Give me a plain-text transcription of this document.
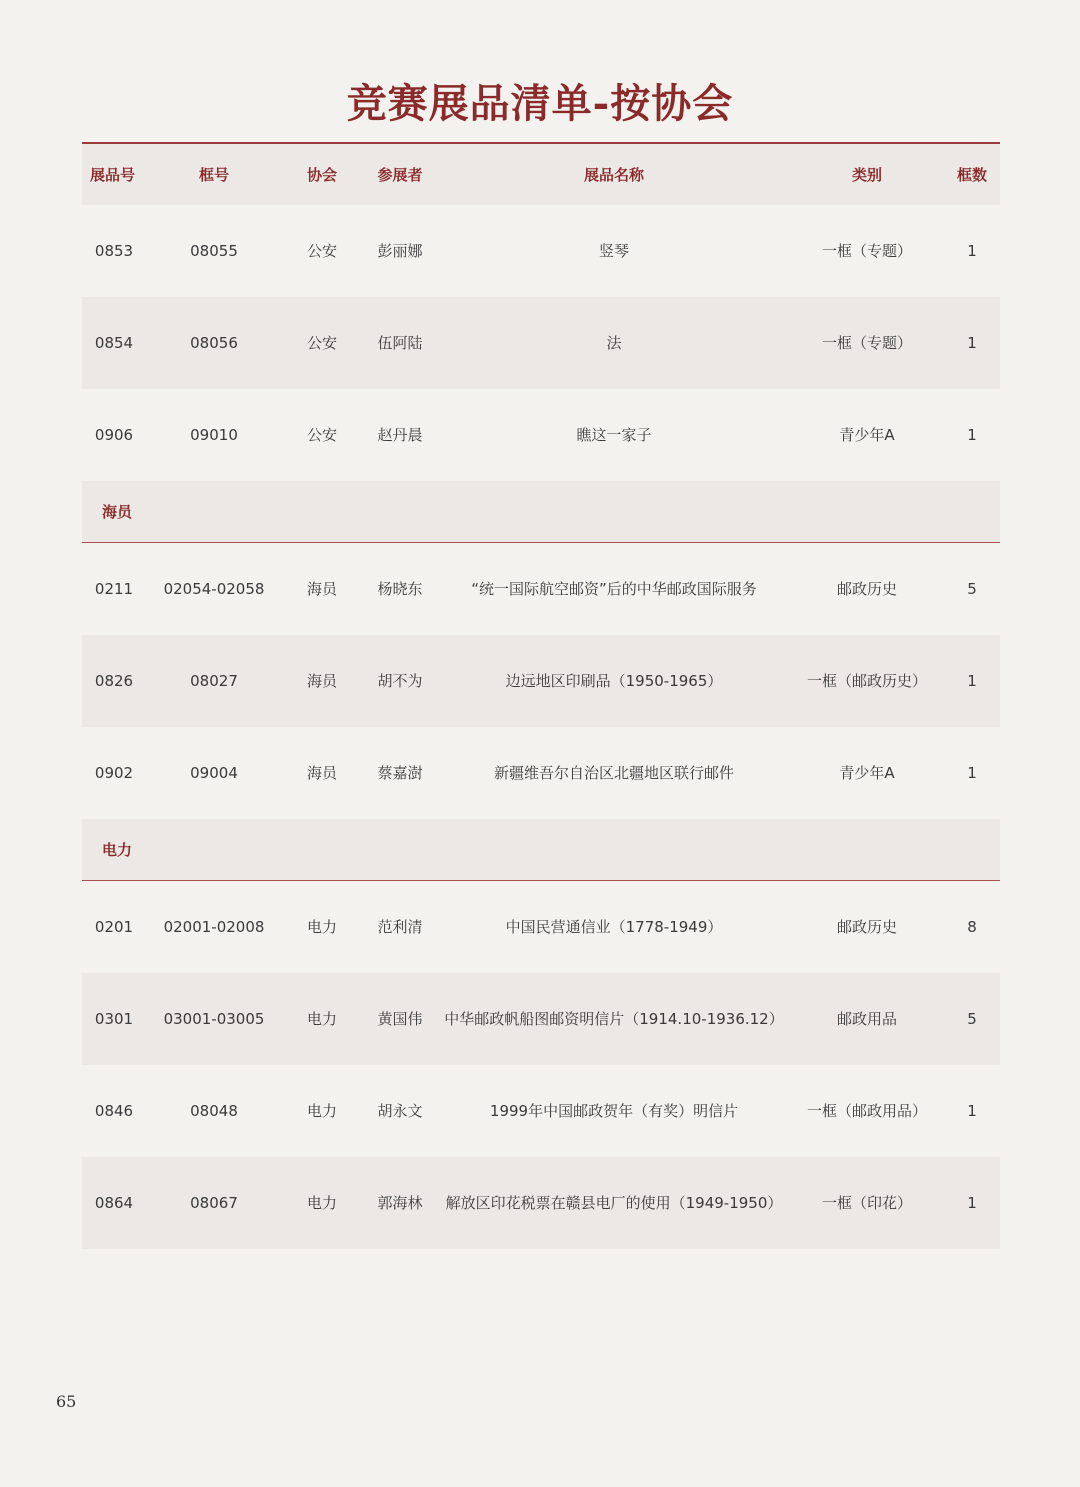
竞赛展品清单-按协会
展品号	框号	协会	参展者	展品名称	类别	框数
0853	08055	公安	彭丽娜	竖琴	一框（专题）	1
0854	08056	公安	伍阿陆	法	一框（专题）	1
0906	09010	公安	赵丹晨	瞧这一家子	青少年A	1
海员
0211	02054-02058	海员	杨晓东	“统一国际航空邮资”后的中华邮政国际服务	邮政历史	5
0826	08027	海员	胡不为	边远地区印刷品（1950-1965）	一框（邮政历史）	1
0902	09004	海员	蔡嘉澍	新疆维吾尔自治区北疆地区联行邮件	青少年A	1
电力
0201	02001-02008	电力	范利清	中国民营通信业（1778-1949）	邮政历史	8
0301	03001-03005	电力	黄国伟	中华邮政帆船图邮资明信片（1914.10-1936.12）	邮政用品	5
0846	08048	电力	胡永文	1999年中国邮政贺年（有奖）明信片	一框（邮政用品）	1
0864	08067	电力	郭海林	解放区印花税票在赣县电厂的使用（1949-1950）	一框（印花）	1
65
